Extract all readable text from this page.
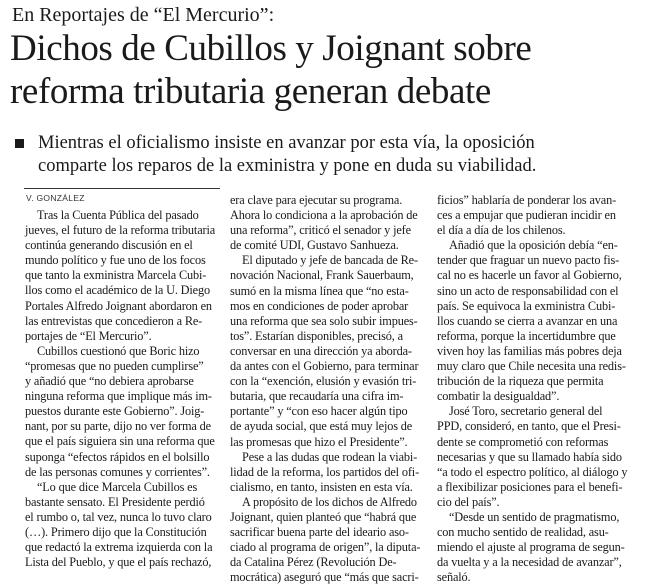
En Reportajes de “El Mercurio”:
Dichos de Cubillos y Joignant sobre
reforma tributaria generan debate
Mientras el oficialismo insiste en avanzar por esta vía, la oposición
comparte los reparos de la exministra y pone en duda su viabilidad.
V. GONZÁLEZ
Tras la Cuenta Pública del pasado
jueves, el futuro de la reforma tributaria
continúa generando discusión en el
mundo político y fue uno de los focos
que tanto la exministra Marcela Cubi-
llos como el académico de la U. Diego
Portales Alfredo Joignant abordaron en
las entrevistas que concedieron a Re-
portajes de “El Mercurio”.
Cubillos cuestionó que Boric hizo
“promesas que no pueden cumplirse”
y añadió que “no debiera aprobarse
ninguna reforma que implique más im-
puestos durante este Gobierno”. Joig-
nant, por su parte, dijo no ver forma de
que el país siguiera sin una reforma que
suponga “efectos rápidos en el bolsillo
de las personas comunes y corrientes”.
“Lo que dice Marcela Cubillos es
bastante sensato. El Presidente perdió
el rumbo o, tal vez, nunca lo tuvo claro
(…). Primero dijo que la Constitución
que redactó la extrema izquierda con la
Lista del Pueblo, y que el país rechazó,
era clave para ejecutar su programa.
Ahora lo condiciona a la aprobación de
una reforma”, criticó el senador y jefe
de comité UDI, Gustavo Sanhueza.
El diputado y jefe de bancada de Re-
novación Nacional, Frank Sauerbaum,
sumó en la misma línea que “no esta-
mos en condiciones de poder aprobar
una reforma que sea solo subir impues-
tos”. Estarían disponibles, precisó, a
conversar en una dirección ya aborda-
da antes con el Gobierno, para terminar
con la “exención, elusión y evasión tri-
butaria, que recaudaría una cifra im-
portante” y “con eso hacer algún tipo
de ayuda social, que está muy lejos de
las promesas que hizo el Presidente”.
Pese a las dudas que rodean la viabi-
lidad de la reforma, los partidos del ofi-
cialismo, en tanto, insisten en esta vía.
A propósito de los dichos de Alfredo
Joignant, quien planteó que “habrá que
sacrificar buena parte del ideario aso-
ciado al programa de origen”, la diputa-
da Catalina Pérez (Revolución De-
mocrática) aseguró que “más que sacri-
ficios” hablaría de ponderar los avan-
ces a empujar que pudieran incidir en
el día a día de los chilenos.
Añadió que la oposición debía “en-
tender que fraguar un nuevo pacto fis-
cal no es hacerle un favor al Gobierno,
sino un acto de responsabilidad con el
país. Se equivoca la exministra Cubi-
llos cuando se cierra a avanzar en una
reforma, porque la incertidumbre que
viven hoy las familias más pobres deja
muy claro que Chile necesita una redis-
tribución de la riqueza que permita
combatir la desigualdad”.
José Toro, secretario general del
PPD, consideró, en tanto, que el Presi-
dente se comprometió con reformas
necesarias y que su llamado había sido
“a todo el espectro político, al diálogo y
a flexibilizar posiciones para el benefi-
cio del país”.
“Desde un sentido de pragmatismo,
con mucho sentido de realidad, asu-
miendo el ajuste al programa de segun-
da vuelta y a la necesidad de avanzar”,
señaló.
